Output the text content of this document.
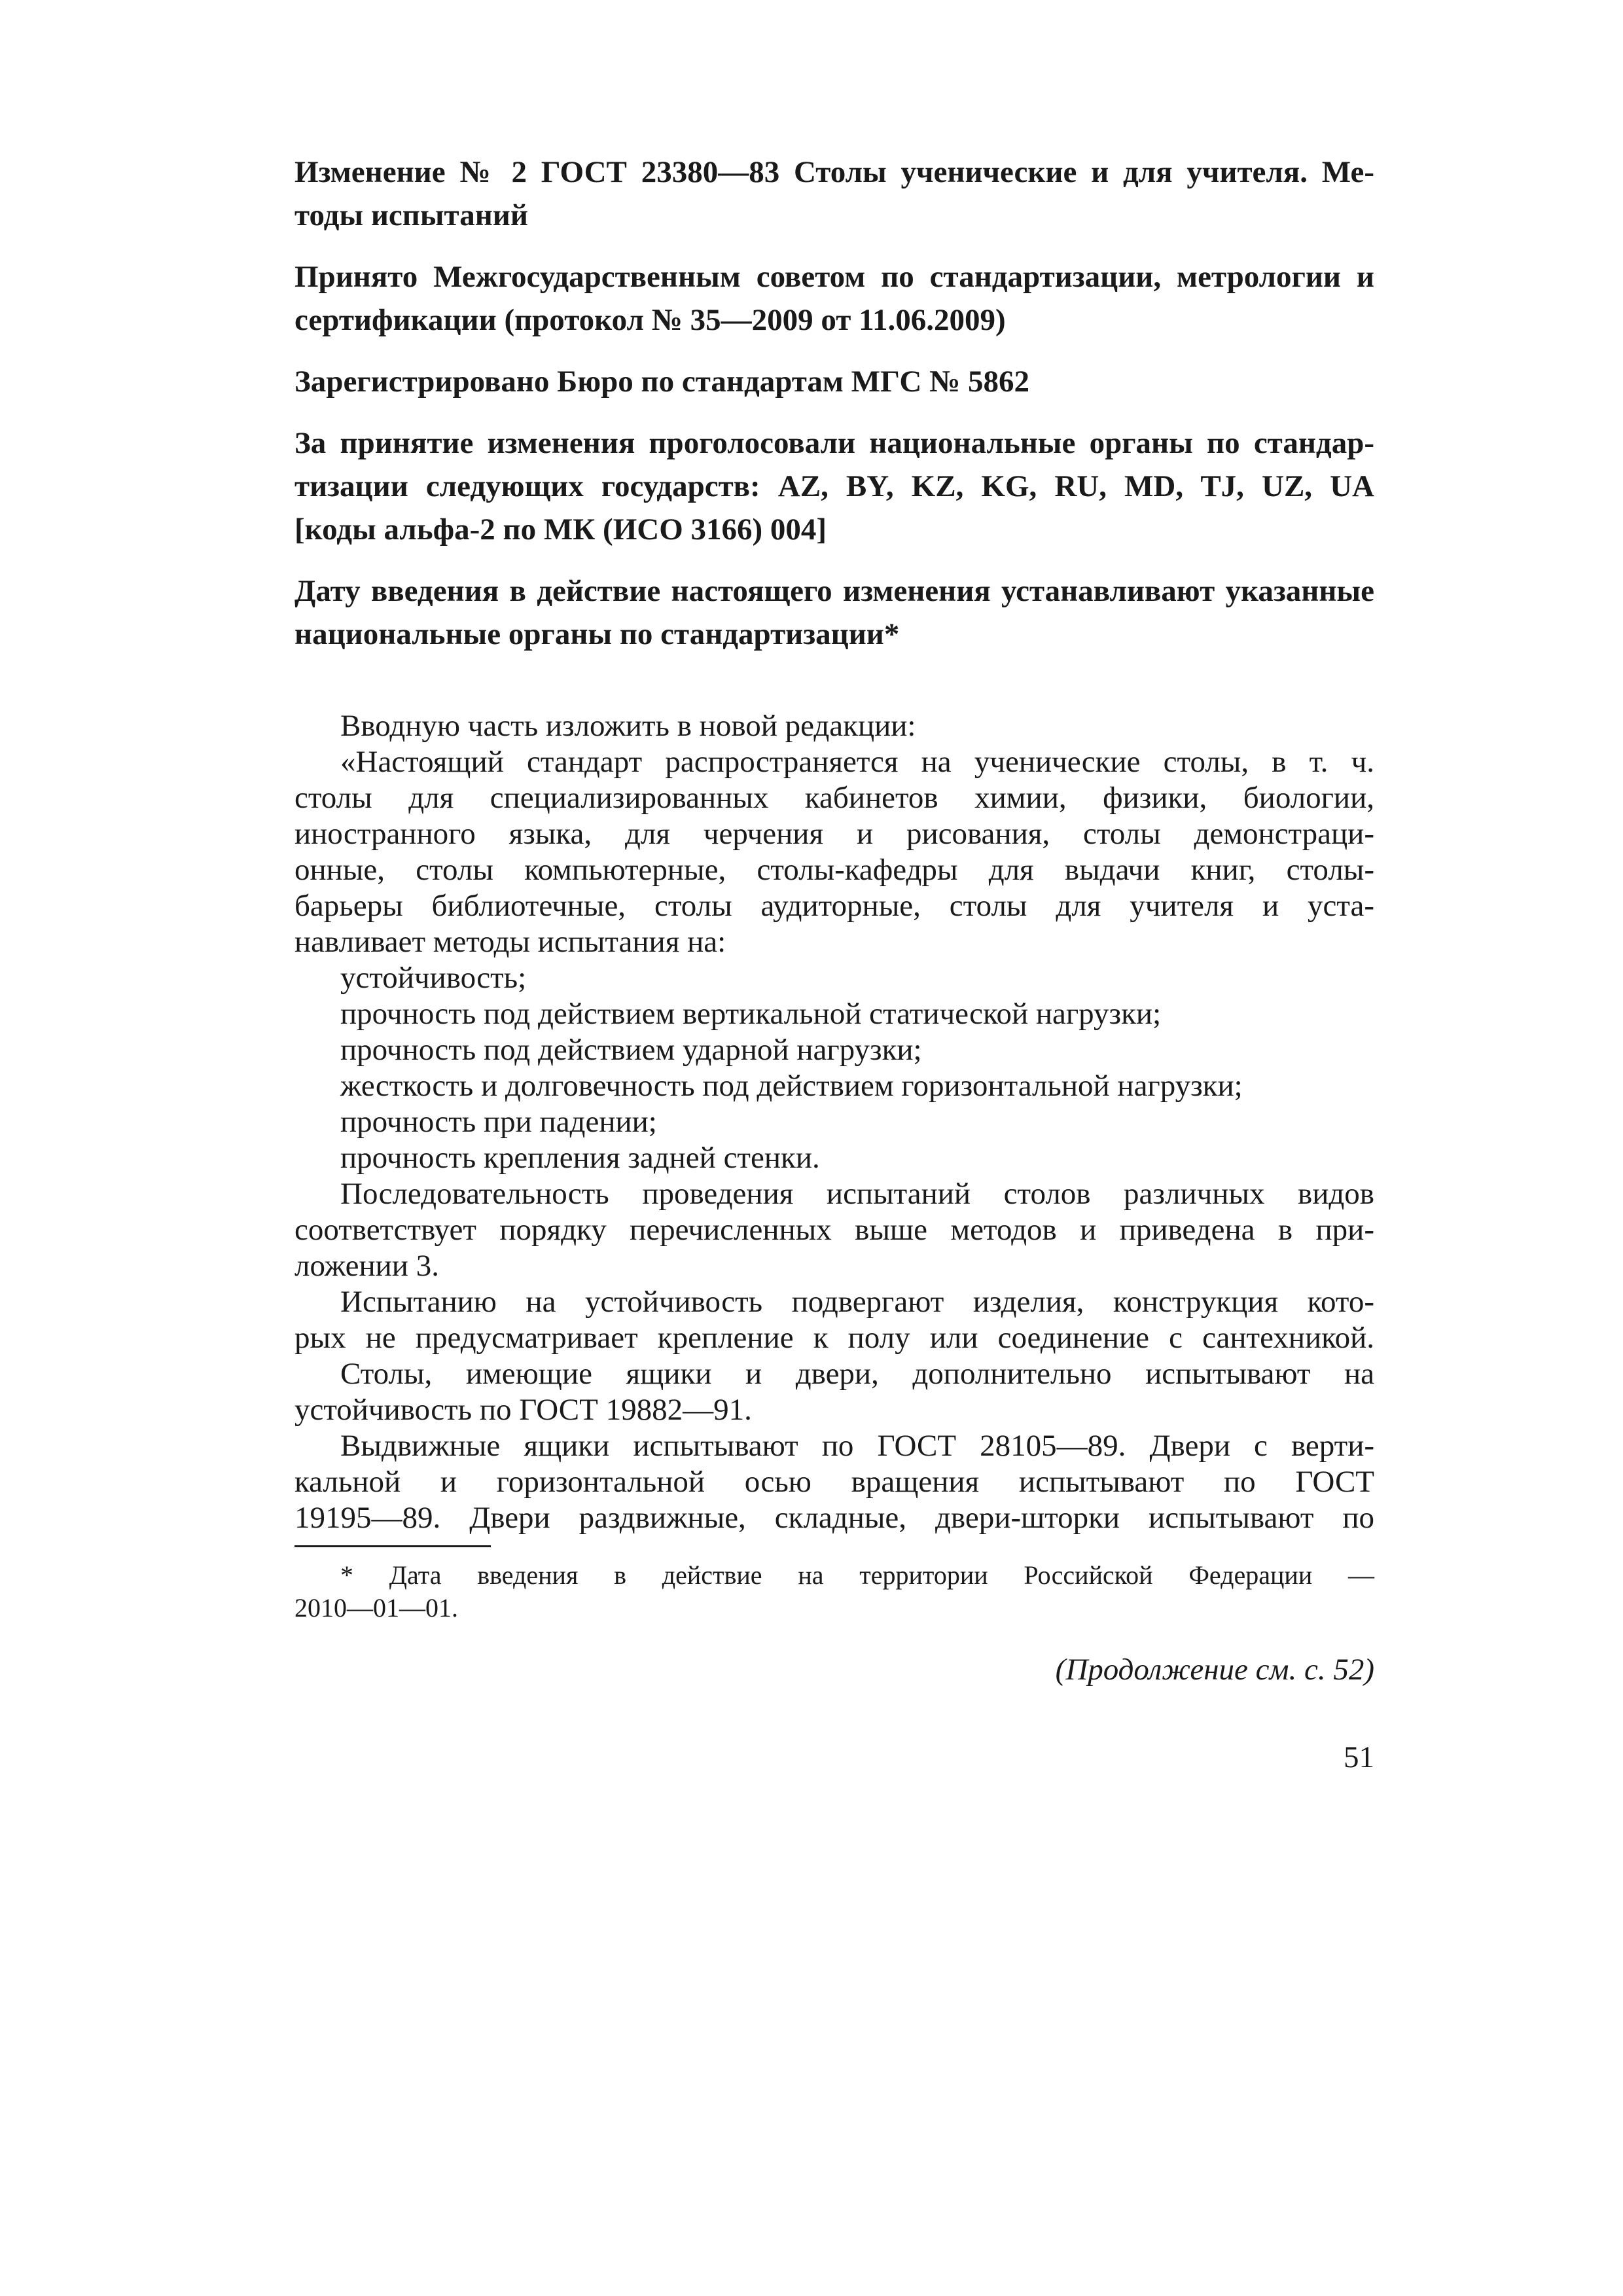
Изменение № 2 ГОСТ 23380—83 Столы ученические и для учителя. Ме-
тоды испытаний
Принято Межгосударственным советом по стандартизации, метрологии и
сертификации (протокол № 35—2009 от 11.06.2009)
Зарегистрировано Бюро по стандартам МГС № 5862
За принятие изменения проголосовали национальные органы по стандар-
тизации следующих государств: AZ, BY, KZ, KG, RU, MD, TJ, UZ, UA
[коды альфа-2 по МК (ИСО 3166) 004]
Дату введения в действие настоящего изменения устанавливают указанные
национальные органы по стандартизации*
Вводную часть изложить в новой редакции:
«Настоящий стандарт распространяется на ученические столы, в т. ч.
столы для специализированных кабинетов химии, физики, биологии,
иностранного языка, для черчения и рисования, столы демонстраци-
онные, столы компьютерные, столы-кафедры для выдачи книг, столы-
барьеры библиотечные, столы аудиторные, столы для учителя и уста-
навливает методы испытания на:
устойчивость;
прочность под действием вертикальной статической нагрузки;
прочность под действием ударной нагрузки;
жесткость и долговечность под действием горизонтальной нагрузки;
прочность при падении;
прочность крепления задней стенки.
Последовательность проведения испытаний столов различных видов
соответствует порядку перечисленных выше методов и приведена в при-
ложении 3.
Испытанию на устойчивость подвергают изделия, конструкция кото-
рых не предусматривает крепление к полу или соединение с сантехникой.
Столы, имеющие ящики и двери, дополнительно испытывают на
устойчивость по ГОСТ 19882—91.
Выдвижные ящики испытывают по ГОСТ 28105—89. Двери с верти-
кальной и горизонтальной осью вращения испытывают по ГОСТ
19195—89. Двери раздвижные, складные, двери-шторки испытывают по
* Дата введения в действие на территории Российской Федерации —
2010—01—01.
(Продолжение см. с. 52)
51
